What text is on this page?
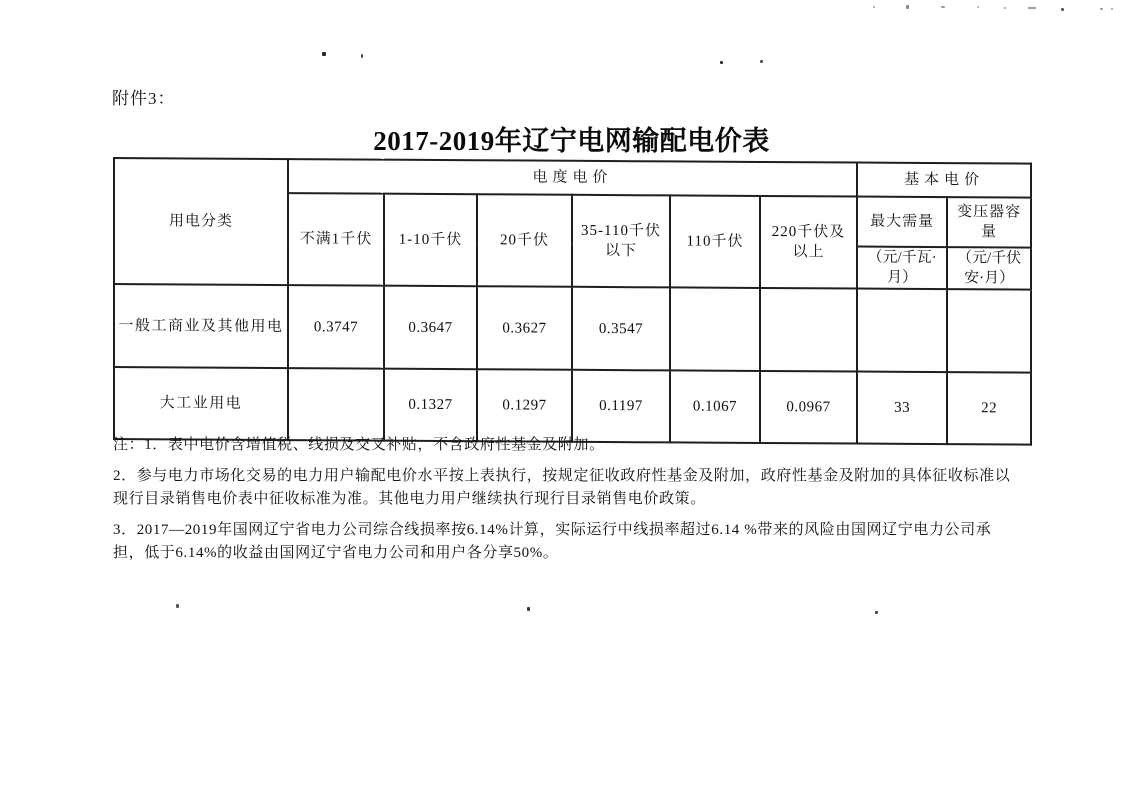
附件3：
2017-2019年辽宁电网输配电价表
用电分类	电度电价						基本电价	
	不满1千伏	1-10千伏	20千伏	35-110千伏以下	110千伏	220千伏及以上	最大需量	变压器容量
							（元/千瓦·月）	（元/千伏安·月）
一般工商业及其他用电	0.3747	0.3647	0.3627	0.3547				
大工业用电		0.1327	0.1297	0.1197	0.1067	0.0967	33	22

注：1．表中电价含增值税、线损及交叉补贴，不含政府性基金及附加。

2．参与电力市场化交易的电力用户输配电价水平按上表执行，按规定征收政府性基金及附加，政府性基金及附加的具体征收标准以现行目录销售电价表中征收标准为准。其他电力用户继续执行现行目录销售电价政策。

3．2017—2019年国网辽宁省电力公司综合线损率按6.14%计算，实际运行中线损率超过6.14 %带来的风险由国网辽宁电力公司承担，低于6.14%的收益由国网辽宁省电力公司和用户各分享50%。
